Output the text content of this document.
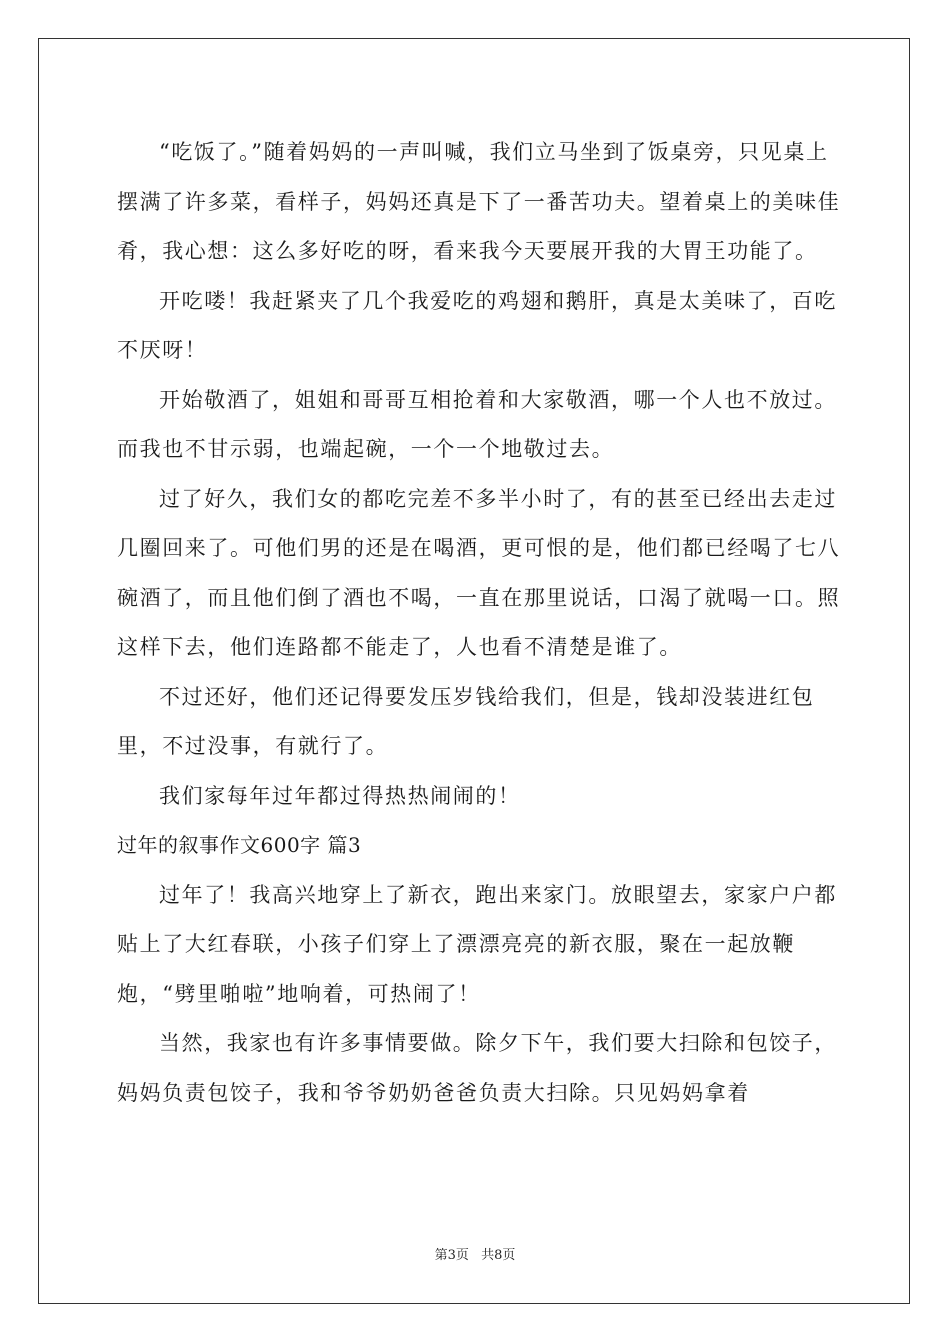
“吃饭了。”随着妈妈的一声叫喊，我们立马坐到了饭桌旁，只见桌上摆满了许多菜，看样子，妈妈还真是下了一番苦功夫。望着桌上的美味佳肴，我心想：这么多好吃的呀，看来我今天要展开我的大胃王功能了。

开吃喽！我赶紧夹了几个我爱吃的鸡翅和鹅肝，真是太美味了，百吃不厌呀！

开始敬酒了，姐姐和哥哥互相抢着和大家敬酒，哪一个人也不放过。而我也不甘示弱，也端起碗，一个一个地敬过去。

过了好久，我们女的都吃完差不多半小时了，有的甚至已经出去走过几圈回来了。可他们男的还是在喝酒，更可恨的是，他们都已经喝了七八碗酒了，而且他们倒了酒也不喝，一直在那里说话，口渴了就喝一口。照这样下去，他们连路都不能走了，人也看不清楚是谁了。

不过还好，他们还记得要发压岁钱给我们，但是，钱却没装进红包里，不过没事，有就行了。

我们家每年过年都过得热热闹闹的！

过年的叙事作文600字 篇3

过年了！我高兴地穿上了新衣，跑出来家门。放眼望去，家家户户都贴上了大红春联，小孩子们穿上了漂漂亮亮的新衣服，聚在一起放鞭炮，“劈里啪啦”地响着，可热闹了！

当然，我家也有许多事情要做。除夕下午，我们要大扫除和包饺子，妈妈负责包饺子，我和爷爷奶奶爸爸负责大扫除。只见妈妈拿着

第3页 共8页
